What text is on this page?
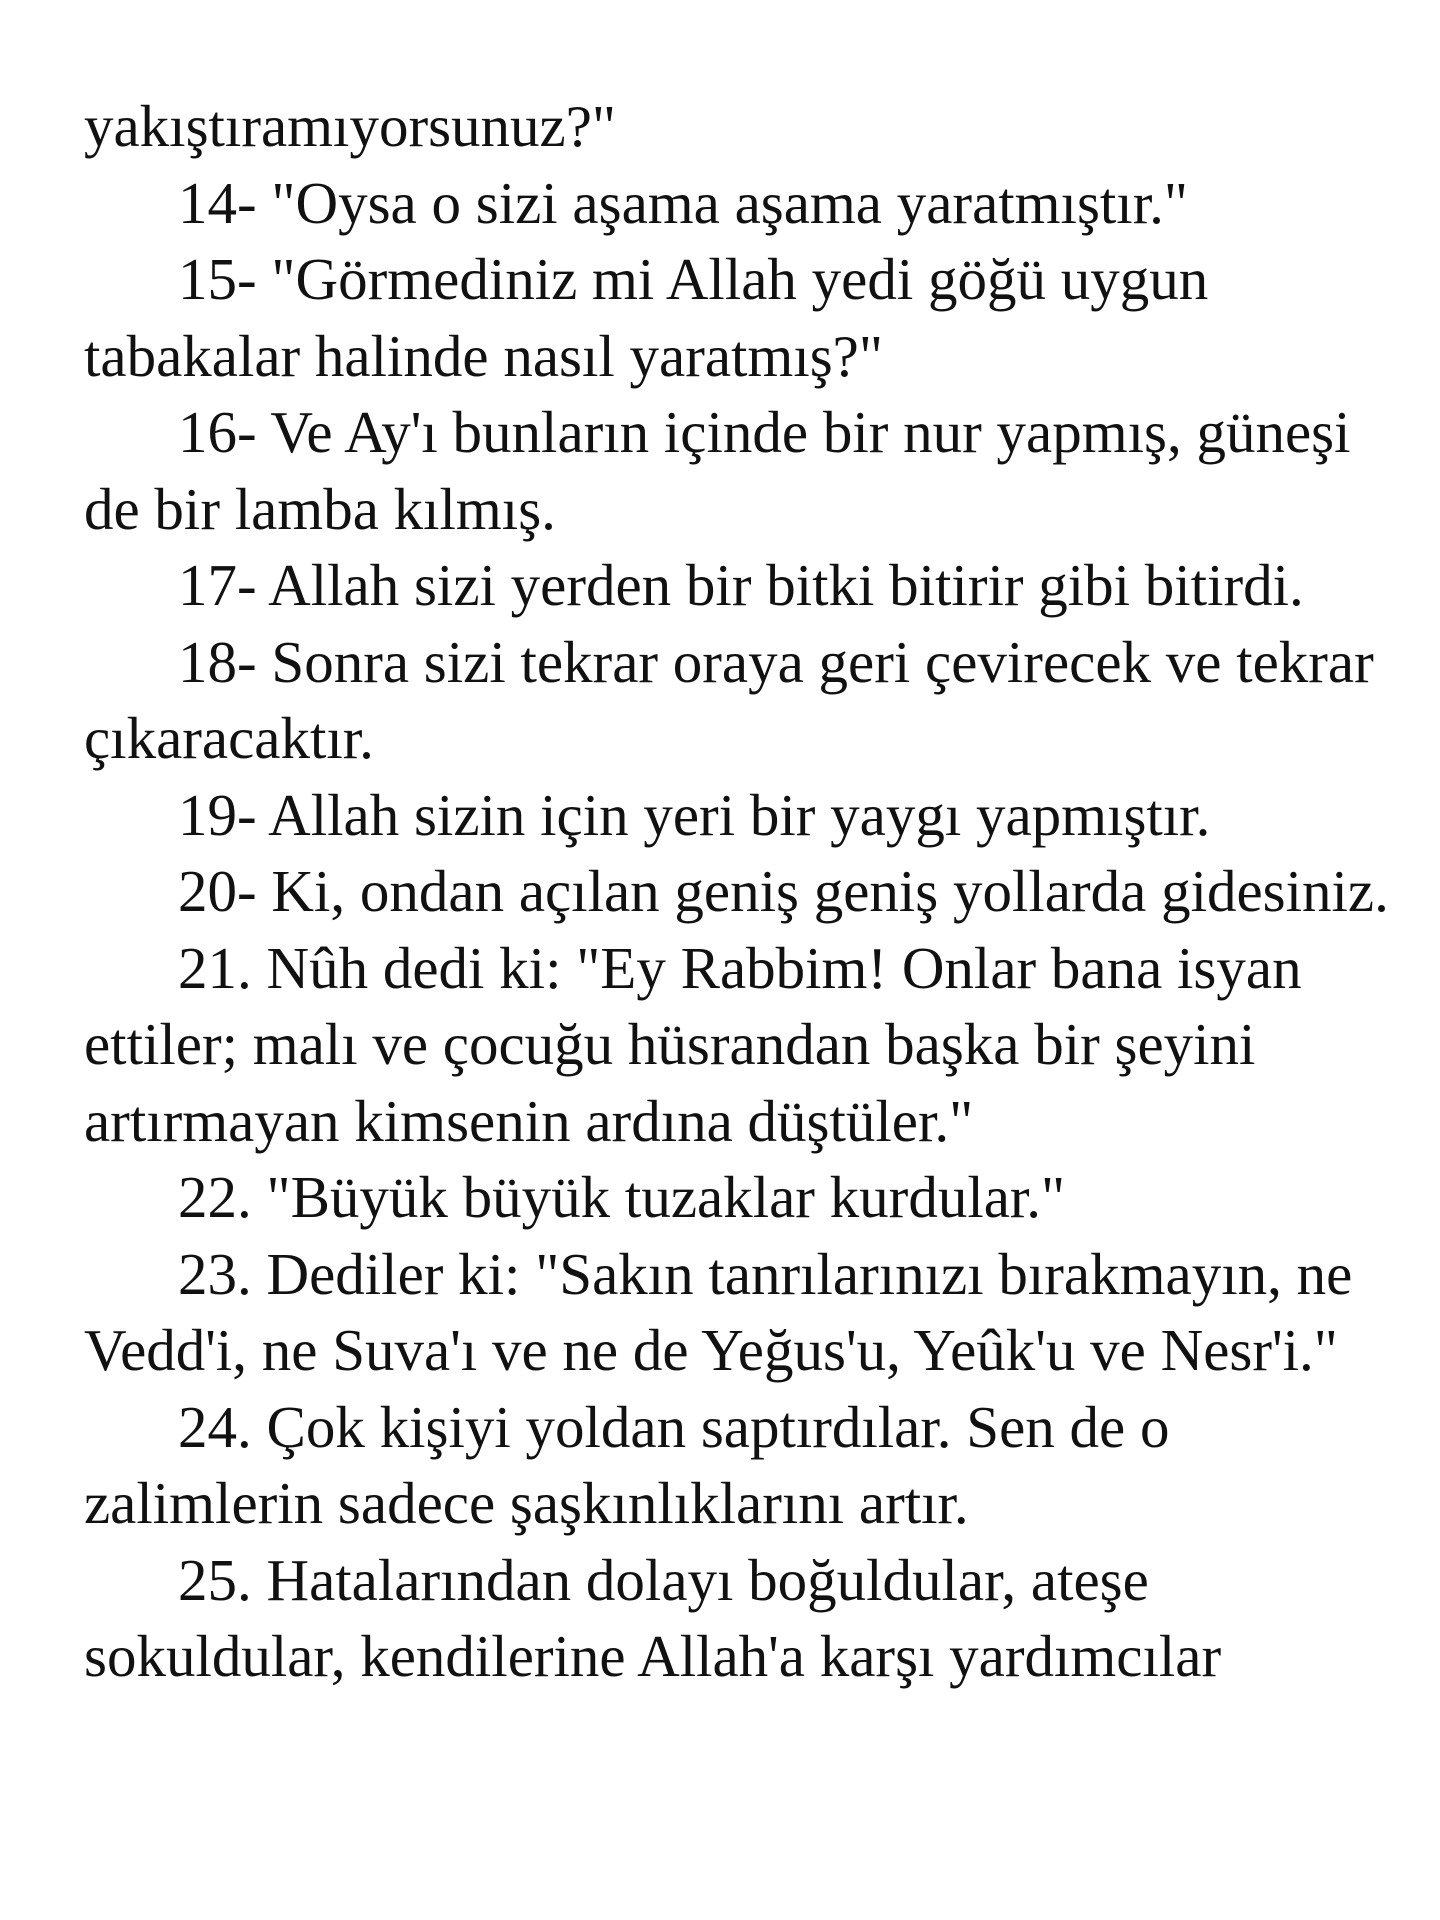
yakıştıramıyorsunuz?"

14- "Oysa o sizi aşama aşama yaratmıştır."

15- "Görmediniz mi Allah yedi göğü uygun tabakalar halinde nasıl yaratmış?"

16- Ve Ay'ı bunların içinde bir nur yapmış, güneşi de bir lamba kılmış.

17- Allah sizi yerden bir bitki bitirir gibi bitirdi.

18- Sonra sizi tekrar oraya geri çevirecek ve tekrar çıkaracaktır.

19- Allah sizin için yeri bir yaygı yapmıştır.

20- Ki, ondan açılan geniş geniş yollarda gidesiniz.

21. Nûh dedi ki: "Ey Rabbim! Onlar bana isyan ettiler; malı ve çocuğu hüsrandan başka bir şeyini artırmayan kimsenin ardına düştüler."

22. "Büyük büyük tuzaklar kurdular."

23. Dediler ki: "Sakın tanrılarınızı bırakmayın, ne Vedd'i, ne Suva'ı ve ne de Yeğus'u, Yeûk'u ve Nesr'i."

24. Çok kişiyi yoldan saptırdılar. Sen de o zalimlerin sadece şaşkınlıklarını artır.

25. Hatalarından dolayı boğuldular, ateşe sokuldular, kendilerine Allah'a karşı yardımcılar
